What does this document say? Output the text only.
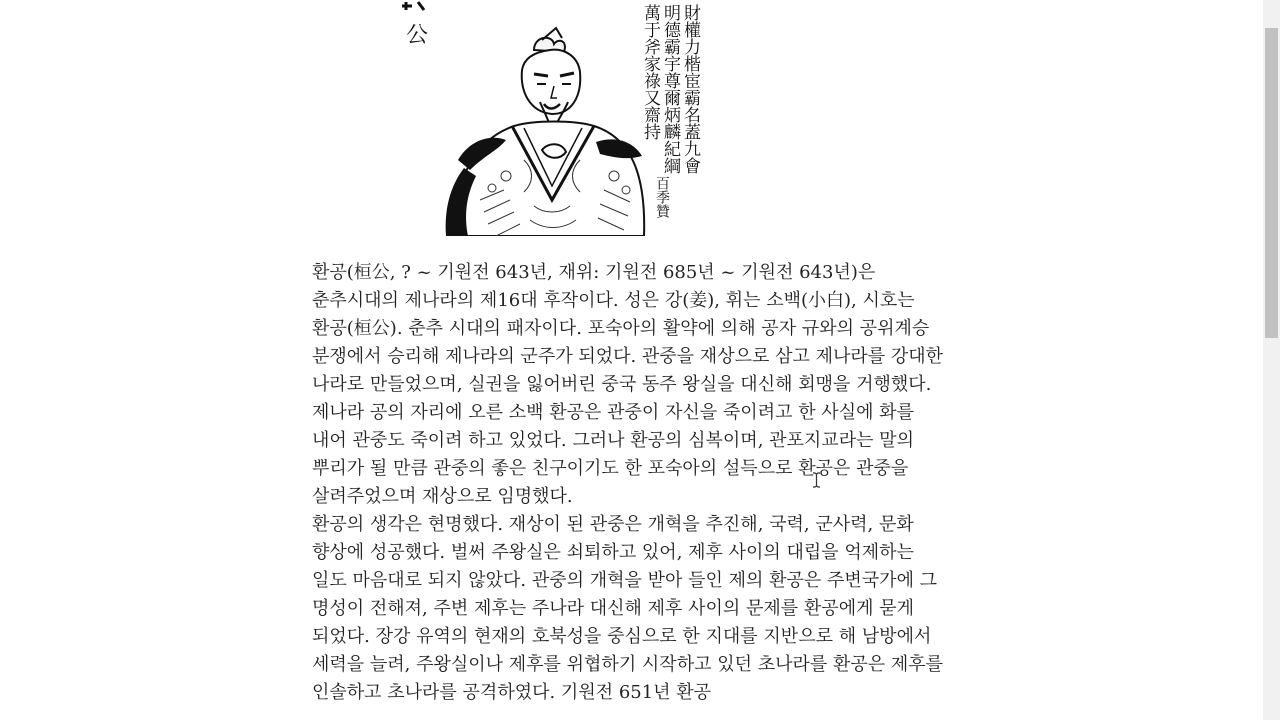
公	財權力楷宦霸名蓋九會
明德霸宇尊爾炳麟紀綱
萬于斧家祿又齋持
百季贊

환공(桓公, ? ~ 기원전 643년, 재위: 기원전 685년 ~ 기원전 643년)은 춘추시대의 제나라의 제16대 후작이다. 성은 강(姜), 휘는 소백(小白), 시호는 환공(桓公). 춘추 시대의 패자이다. 포숙아의 활약에 의해 공자 규와의 공위계승 분쟁에서 승리해 제나라의 군주가 되었다. 관중을 재상으로 삼고 제나라를 강대한 나라로 만들었으며, 실권을 잃어버린 중국 동주 왕실을 대신해 회맹을 거행했다.

제나라 공의 자리에 오른 소백 환공은 관중이 자신을 죽이려고 한 사실에 화를 내어 관중도 죽이려 하고 있었다. 그러나 환공의 심복이며, 관포지교라는 말의 뿌리가 될 만큼 관중의 좋은 친구이기도 한 포숙아의 설득으로 환공은 관중을 살려주었으며 재상으로 임명했다.

환공의 생각은 현명했다. 재상이 된 관중은 개혁을 추진해, 국력, 군사력, 문화 향상에 성공했다. 벌써 주왕실은 쇠퇴하고 있어, 제후 사이의 대립을 억제하는 일도 마음대로 되지 않았다. 관중의 개혁을 받아 들인 제의 환공은 주변국가에 그 명성이 전해져, 주변 제후는 주나라 대신해 제후 사이의 문제를 환공에게 묻게 되었다. 장강 유역의 현재의 호북성을 중심으로 한 지대를 지반으로 해 남방에서 세력을 늘려, 주왕실이나 제후를 위협하기 시작하고 있던 초나라를 환공은 제후를 인솔하고 초나라를 공격하였다. 기원전 651년 환공
